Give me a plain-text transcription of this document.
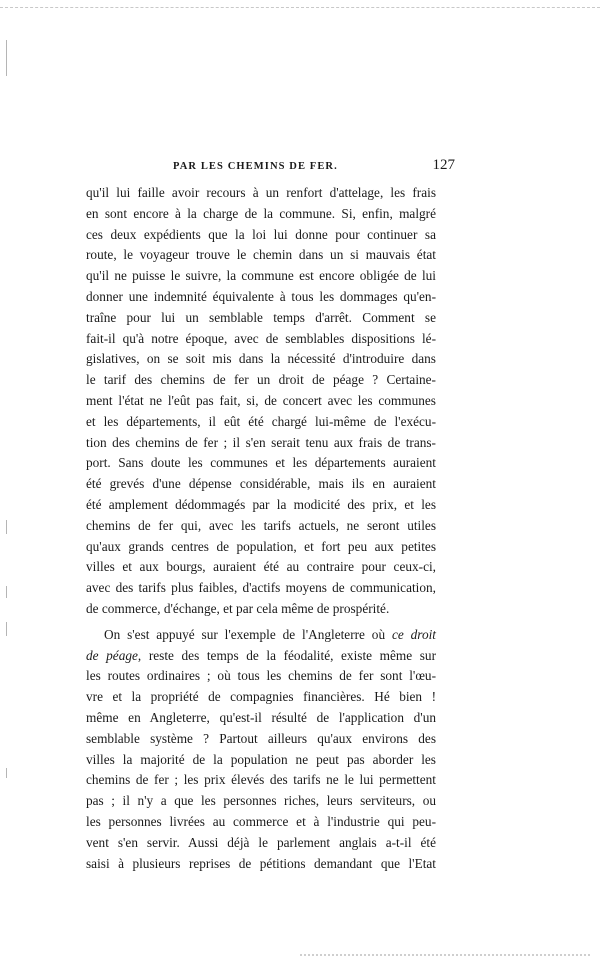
PAR LES CHEMINS DE FER.	127
qu'il lui faille avoir recours à un renfort d'attelage, les frais
en sont encore à la charge de la commune. Si, enfin, malgré
ces deux expédients que la loi lui donne pour continuer sa
route, le voyageur trouve le chemin dans un si mauvais état
qu'il ne puisse le suivre, la commune est encore obligée de lui
donner une indemnité équivalente à tous les dommages qu'en-
traîne pour lui un semblable temps d'arrêt. Comment se
fait-il qu'à notre époque, avec de semblables dispositions lé-
gislatives, on se soit mis dans la nécessité d'introduire dans
le tarif des chemins de fer un droit de péage ? Certaine-
ment l'état ne l'eût pas fait, si, de concert avec les communes
et les départements, il eût été chargé lui-même de l'exécu-
tion des chemins de fer ; il s'en serait tenu aux frais de trans-
port. Sans doute les communes et les départements auraient
été grevés d'une dépense considérable, mais ils en auraient
été amplement dédommagés par la modicité des prix, et les
chemins de fer qui, avec les tarifs actuels, ne seront utiles
qu'aux grands centres de population, et fort peu aux petites
villes et aux bourgs, auraient été au contraire pour ceux-ci,
avec des tarifs plus faibles, d'actifs moyens de communication,
de commerce, d'échange, et par cela même de prospérité.
On s'est appuyé sur l'exemple de l'Angleterre où ce droit
de péage, reste des temps de la féodalité, existe même sur
les routes ordinaires ; où tous les chemins de fer sont l'œu-
vre et la propriété de compagnies financières. Hé bien !
même en Angleterre, qu'est-il résulté de l'application d'un
semblable système ? Partout ailleurs qu'aux environs des
villes la majorité de la population ne peut pas aborder les
chemins de fer ; les prix élevés des tarifs ne le lui permettent
pas ; il n'y a que les personnes riches, leurs serviteurs, ou
les personnes livrées au commerce et à l'industrie qui peu-
vent s'en servir. Aussi déjà le parlement anglais a-t-il été
saisi à plusieurs reprises de pétitions demandant que l'Etat
